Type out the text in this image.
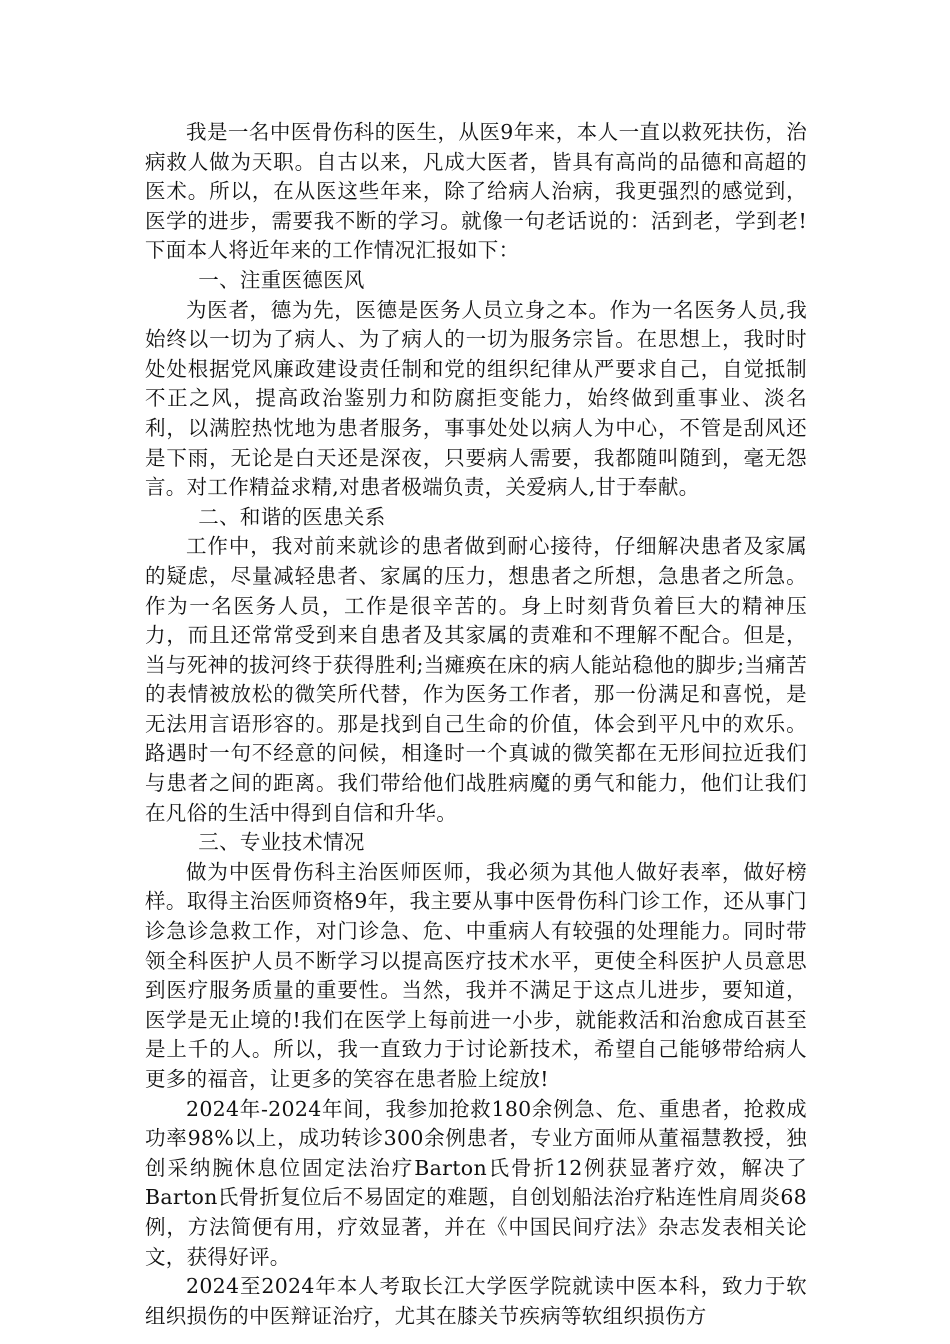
我是一名中医骨伤科的医生，从医9年来，本人一直以救死扶伤，治病救人做为天职。自古以来，凡成大医者，皆具有高尚的品德和高超的医术。所以，在从医这些年来，除了给病人治病，我更强烈的感觉到，医学的进步，需要我不断的学习。就像一句老话说的：活到老，学到老!下面本人将近年来的工作情况汇报如下：

一、注重医德医风

为医者，德为先，医德是医务人员立身之本。作为一名医务人员,我始终以一切为了病人、为了病人的一切为服务宗旨。在思想上，我时时处处根据党风廉政建设责任制和党的组织纪律从严要求自己，自觉抵制不正之风，提高政治鉴别力和防腐拒变能力，始终做到重事业、淡名利，以满腔热忱地为患者服务，事事处处以病人为中心，不管是刮风还是下雨，无论是白天还是深夜，只要病人需要，我都随叫随到，毫无怨言。对工作精益求精,对患者极端负责，关爱病人,甘于奉献。

二、和谐的医患关系

工作中，我对前来就诊的患者做到耐心接待，仔细解决患者及家属的疑虑，尽量减轻患者、家属的压力，想患者之所想，急患者之所急。作为一名医务人员，工作是很辛苦的。身上时刻背负着巨大的精神压力，而且还常常受到来自患者及其家属的责难和不理解不配合。但是，当与死神的拔河终于获得胜利;当瘫痪在床的病人能站稳他的脚步;当痛苦的表情被放松的微笑所代替，作为医务工作者，那一份满足和喜悦，是无法用言语形容的。那是找到自己生命的价值，体会到平凡中的欢乐。路遇时一句不经意的问候，相逢时一个真诚的微笑都在无形间拉近我们与患者之间的距离。我们带给他们战胜病魔的勇气和能力，他们让我们在凡俗的生活中得到自信和升华。

三、专业技术情况

做为中医骨伤科主治医师医师，我必须为其他人做好表率，做好榜样。取得主治医师资格9年，我主要从事中医骨伤科门诊工作，还从事门诊急诊急救工作，对门诊急、危、中重病人有较强的处理能力。同时带领全科医护人员不断学习以提高医疗技术水平，更使全科医护人员意思到医疗服务质量的重要性。当然，我并不满足于这点儿进步，要知道，医学是无止境的!我们在医学上每前进一小步，就能救活和治愈成百甚至是上千的人。所以，我一直致力于讨论新技术，希望自己能够带给病人更多的福音，让更多的笑容在患者脸上绽放!

2024年-2024年间，我参加抢救180余例急、危、重患者，抢救成功率98%以上，成功转诊300余例患者，专业方面师从董福慧教授，独创采纳腕休息位固定法治疗Barton氏骨折12例获显著疗效，解决了Barton氏骨折复位后不易固定的难题，自创划船法治疗粘连性肩周炎68例，方法简便有用，疗效显著，并在《中国民间疗法》杂志发表相关论文，获得好评。

2024至2024年本人考取长江大学医学院就读中医本科，致力于软组织损伤的中医辩证治疗，尤其在膝关节疾病等软组织损伤方
